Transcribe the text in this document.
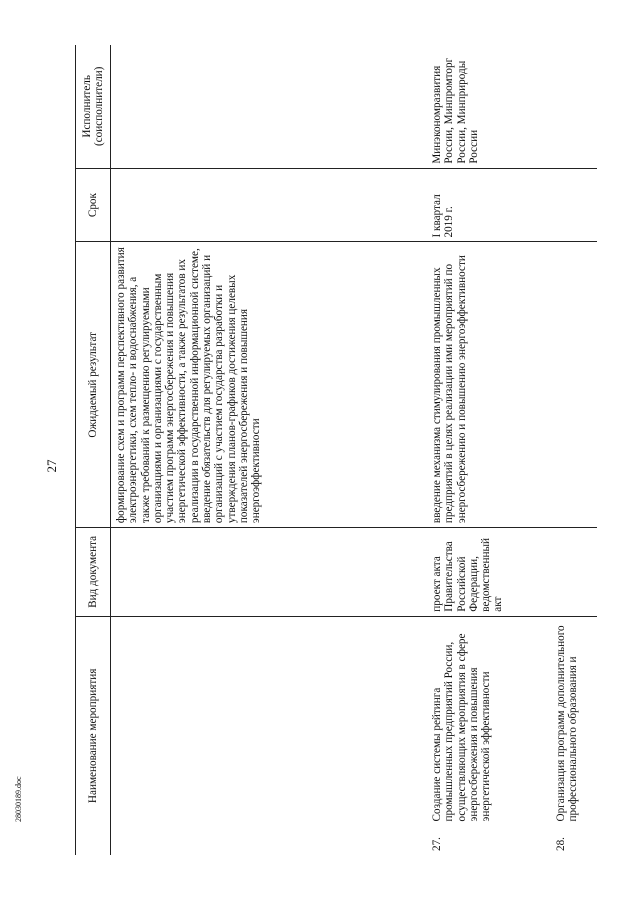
27
Наименование мероприятия		Вид документа	Ожидаемый результат	Срок	Исполнитель (соисполнители)
			формирование схем и программ перспективного развития электроэнергетики, схем тепло- и водоснабжения, а также требований к размещению регулируемыми организациями и организациями с государственным участием программ энергосбережения и повышения энергетической эффективности, а также результатов их реализации в государственной информационной системе, введение обязательств для регулируемых организаций и организаций с участием государства разработки и утверждения планов-графиков достижения целевых показателей энергосбережения и повышения энергоэффективности		
27.	Создание системы рейтинга промышленных предприятий России, осуществляющих мероприятия в сфере энергосбережения и повышения энергетической эффективности	проект акта Правительства Российской Федерации, ведомственный акт	введение механизма стимулирования промышленных предприятий в целях реализации ими мероприятий по энергосбережению и повышению энергоэффективности	I квартал 2019 г.	Минэкономразвития России, Минпромторг России, Минприроды России
28.	Организация программ дополнительного профессионального образования и				
28030189.doc
